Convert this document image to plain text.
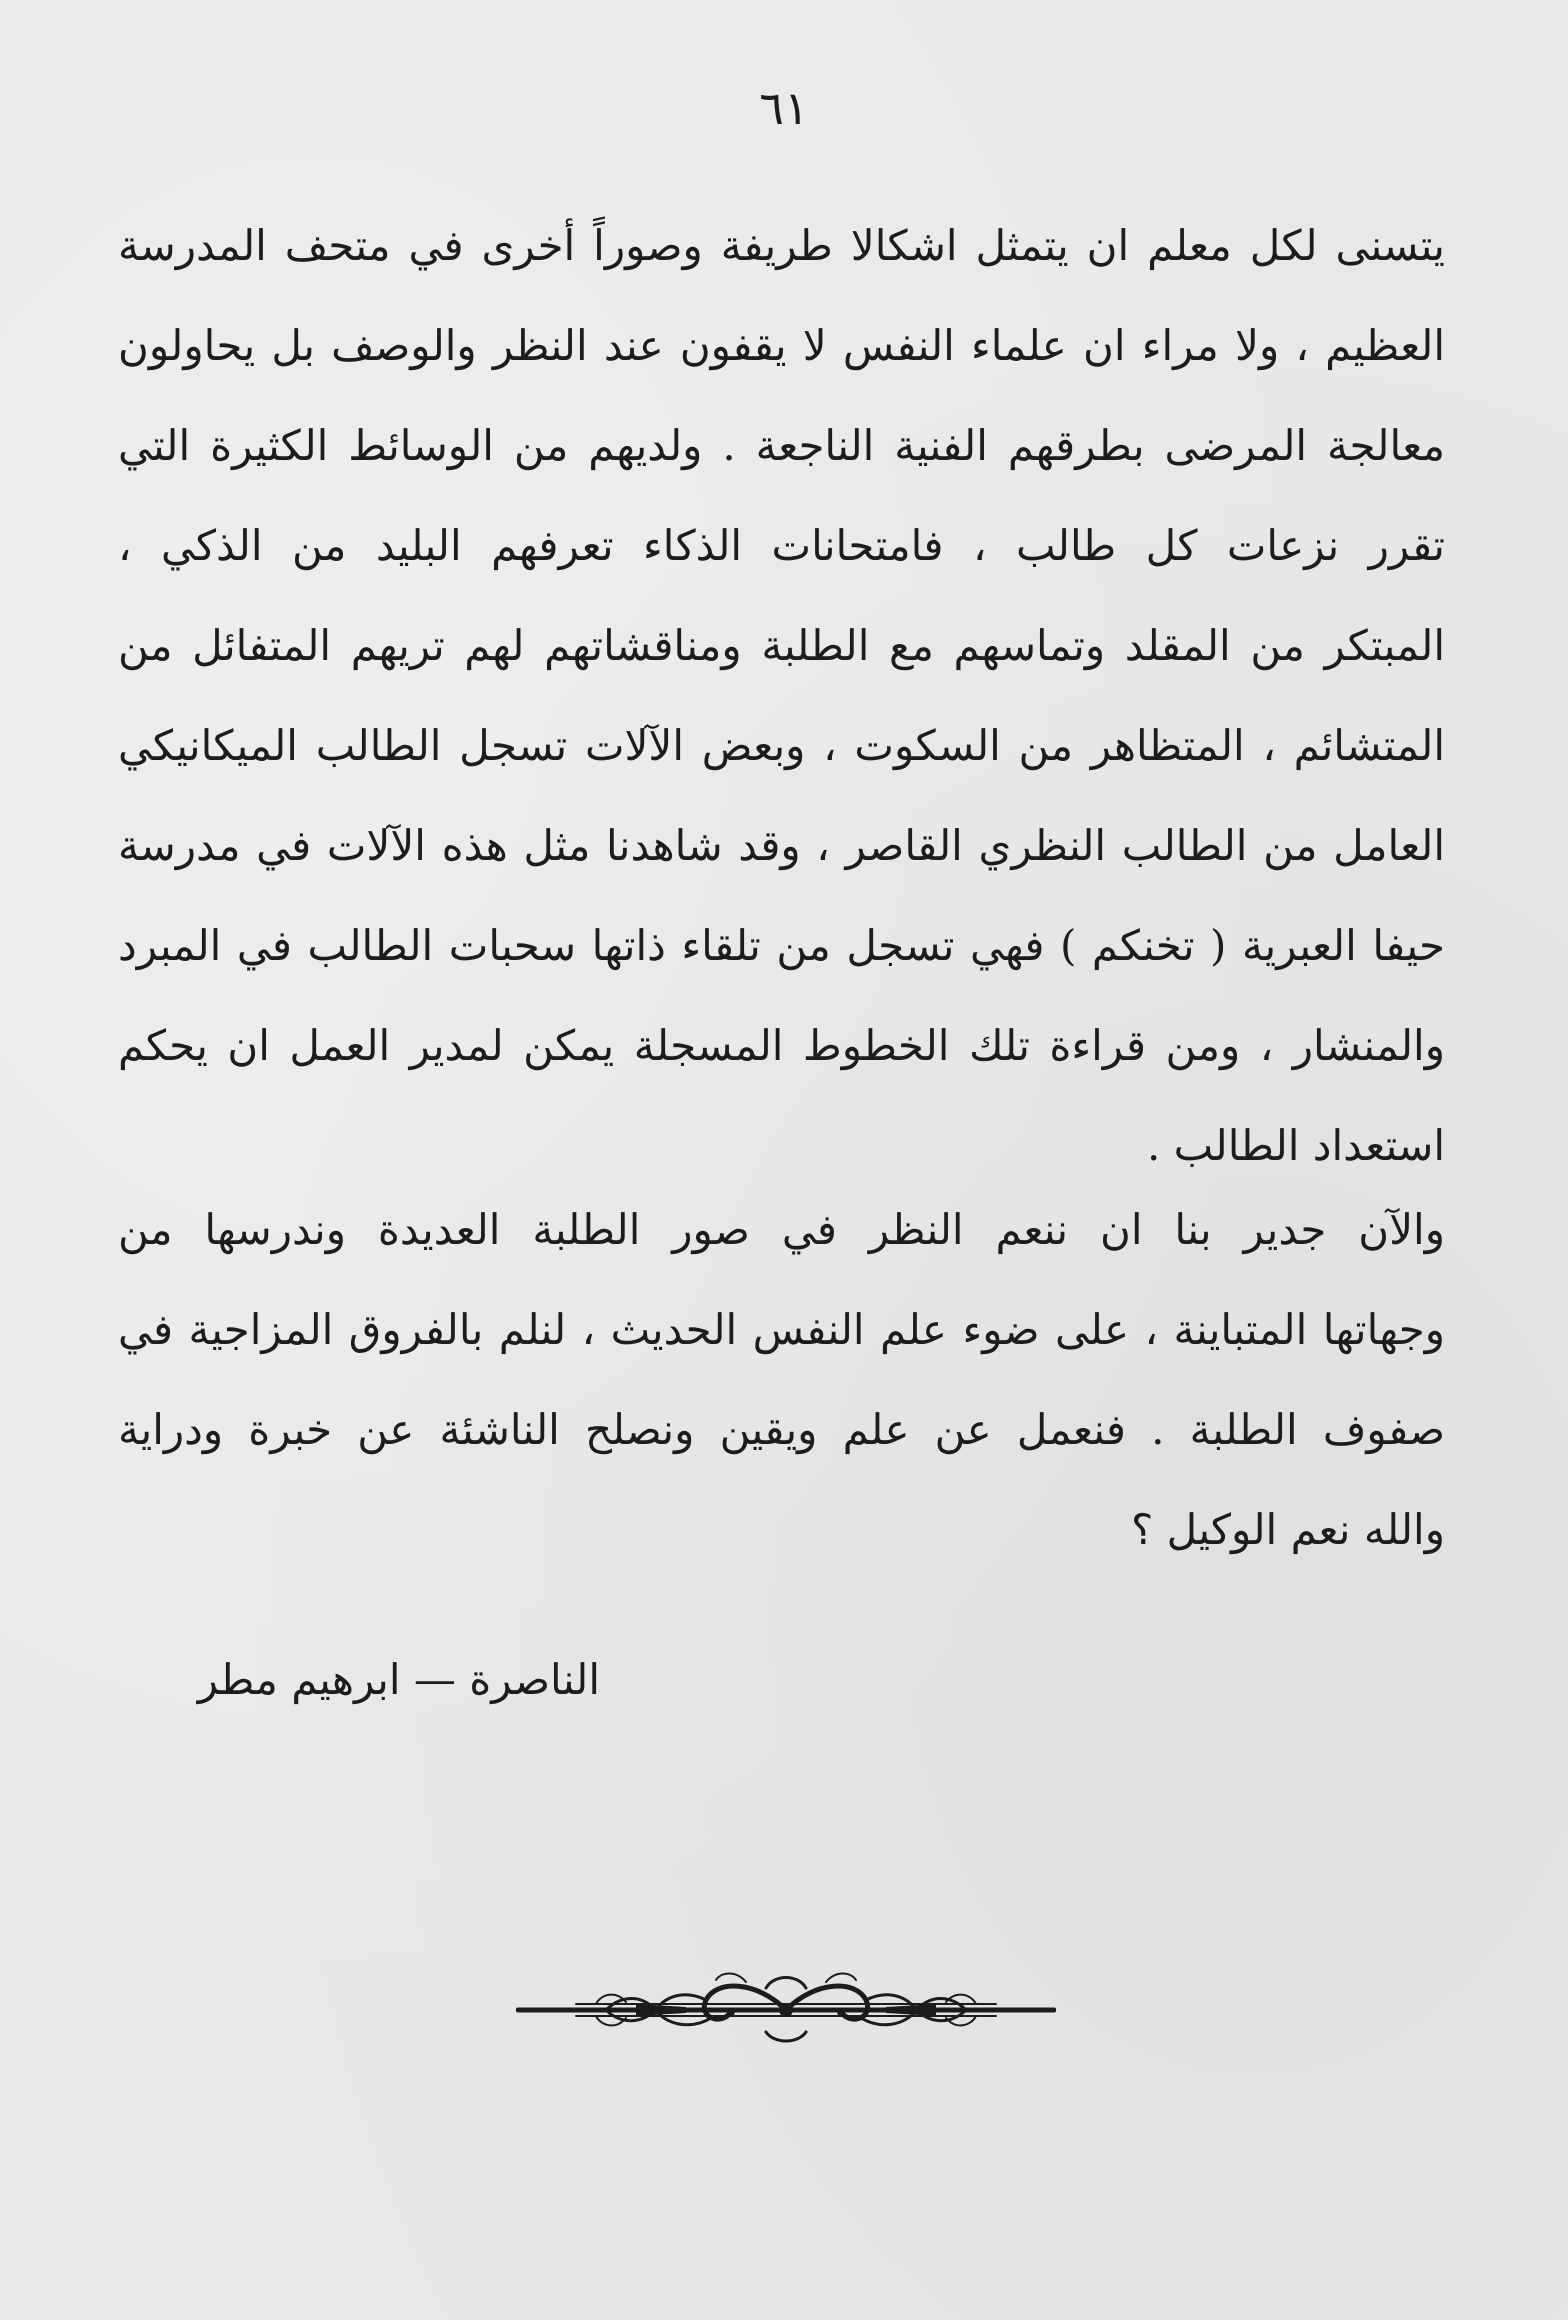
٦١
يتسنى لكل معلم ان يتمثل اشكالا طريفة وصوراً أخرى في متحف المدرسة
العظيم ، ولا مراء ان علماء النفس لا يقفون عند النظر والوصف بل يحاولون
معالجة المرضى بطرقهم الفنية الناجعة . ولديهم من الوسائط الكثيرة التي
تقرر نزعات كل طالب ، فامتحانات الذكاء تعرفهم البليد من الذكي ،
المبتكر من المقلد وتماسهم مع الطلبة ومناقشاتهم لهم تريهم المتفائل من
المتشائم ، المتظاهر من السكوت ، وبعض الآلات تسجل الطالب الميكانيكي
العامل من الطالب النظري القاصر ، وقد شاهدنا مثل هذه الآلات في مدرسة
حيفا العبرية ( تخنكم ) فهي تسجل من تلقاء ذاتها سحبات الطالب في المبرد
والمنشار ، ومن قراءة تلك الخطوط المسجلة يمكن لمدير العمل ان يحكم
استعداد الطالب .
والآن جدير بنا ان ننعم النظر في صور الطلبة العديدة وندرسها من
وجهاتها المتباينة ، على ضوء علم النفس الحديث ، لنلم بالفروق المزاجية في
صفوف الطلبة . فنعمل عن علم ويقين ونصلح الناشئة عن خبرة ودراية
والله نعم الوكيل ؟
الناصرة — ابرهيم مطر
